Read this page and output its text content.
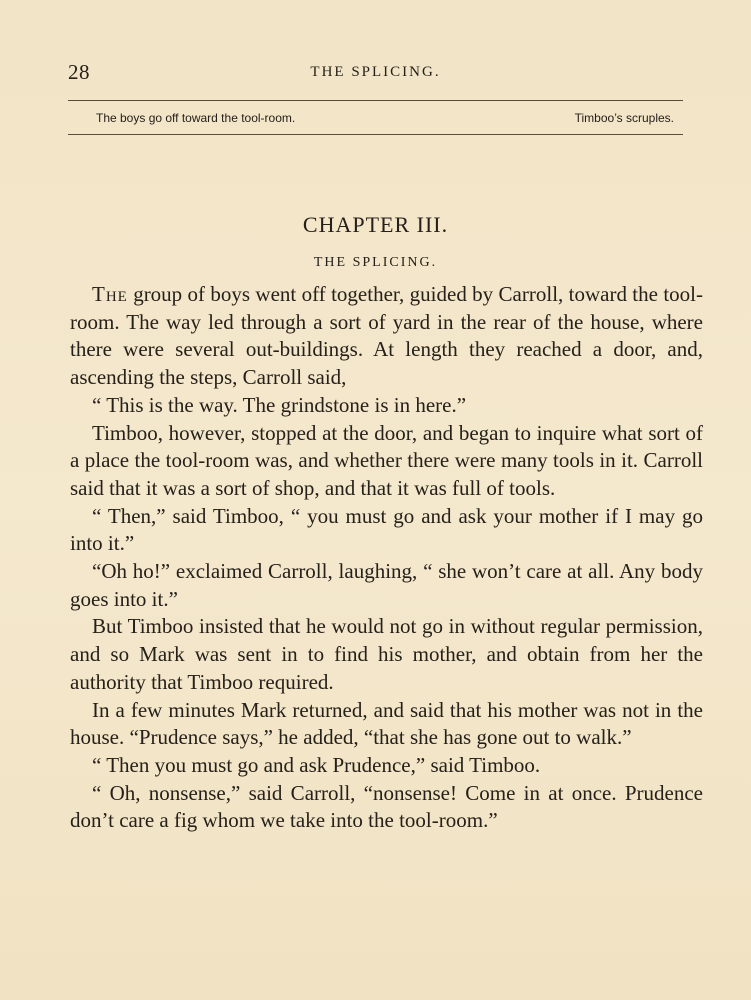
28	THE SPLICING.
The boys go off toward the tool-room.	Timboo’s scruples.
CHAPTER III.
THE SPLICING.

The group of boys went off together, guided by Carroll, toward the tool-room. The way led through a sort of yard in the rear of the house, where there were several out-buildings. At length they reached a door, and, ascending the steps, Carroll said,

“ This is the way. The grindstone is in here.”

Timboo, however, stopped at the door, and began to inquire what sort of a place the tool-room was, and whether there were many tools in it. Carroll said that it was a sort of shop, and that it was full of tools.

“ Then,” said Timboo, “ you must go and ask your mother if I may go into it.”

“Oh ho!” exclaimed Carroll, laughing, “ she won’t care at all. Any body goes into it.”

But Timboo insisted that he would not go in without regular permission, and so Mark was sent in to find his mother, and obtain from her the authority that Timboo required.

In a few minutes Mark returned, and said that his mother was not in the house. “Prudence says,” he added, “that she has gone out to walk.”

“ Then you must go and ask Prudence,” said Timboo.

“ Oh, nonsense,” said Carroll, “nonsense! Come in at once. Prudence don’t care a fig whom we take into the tool-room.”
